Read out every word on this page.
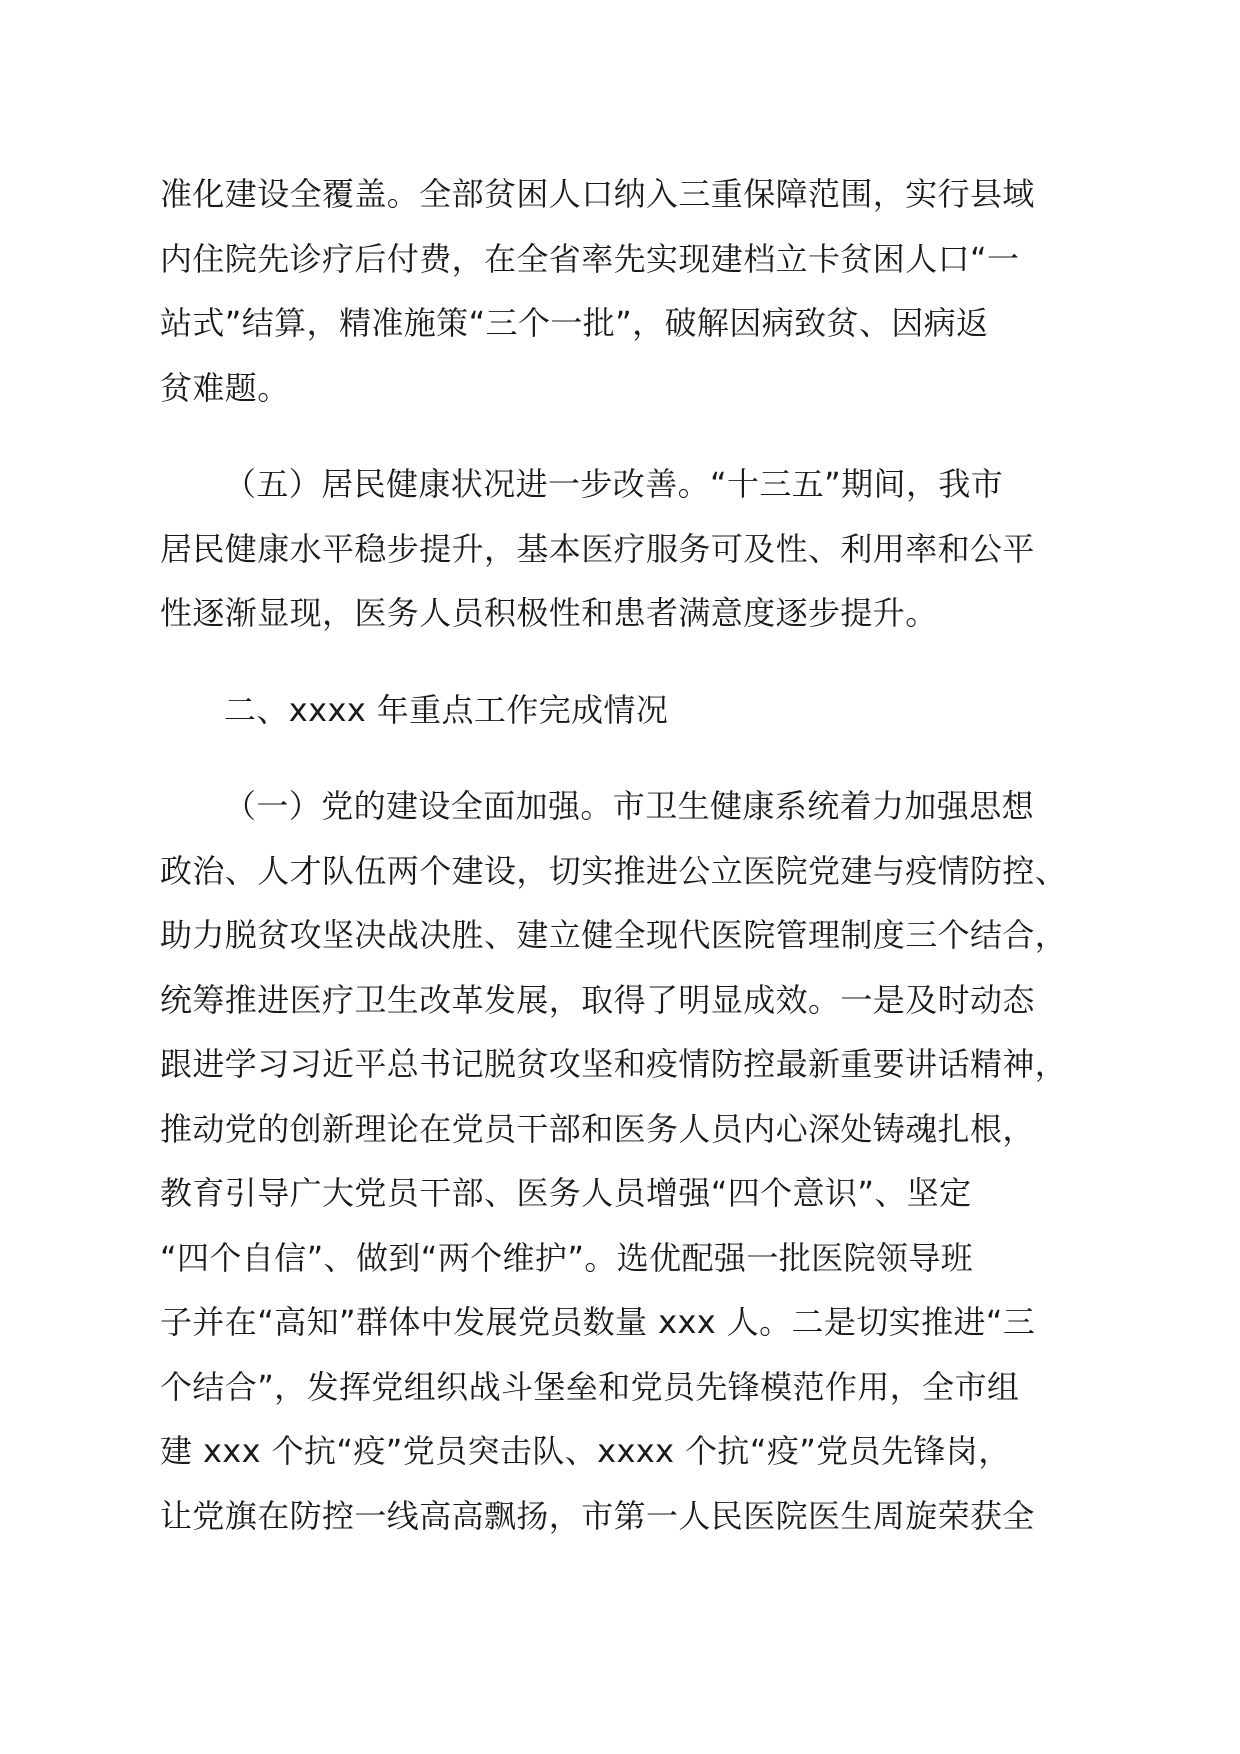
准化建设全覆盖。全部贫困人口纳入三重保障范围，实行县域
内住院先诊疗后付费，在全省率先实现建档立卡贫困人口“一
站式”结算，精准施策“三个一批”，破解因病致贫、因病返
贫难题。
（五）居民健康状况进一步改善。“十三五”期间，我市
居民健康水平稳步提升，基本医疗服务可及性、利用率和公平
性逐渐显现，医务人员积极性和患者满意度逐步提升。
二、xxxx 年重点工作完成情况
（一）党的建设全面加强。市卫生健康系统着力加强思想
政治、人才队伍两个建设，切实推进公立医院党建与疫情防控、
助力脱贫攻坚决战决胜、建立健全现代医院管理制度三个结合，
统筹推进医疗卫生改革发展，取得了明显成效。一是及时动态
跟进学习习近平总书记脱贫攻坚和疫情防控最新重要讲话精神，
推动党的创新理论在党员干部和医务人员内心深处铸魂扎根，
教育引导广大党员干部、医务人员增强“四个意识”、坚定
“四个自信”、做到“两个维护”。选优配强一批医院领导班
子并在“高知”群体中发展党员数量 xxx 人。二是切实推进“三
个结合”，发挥党组织战斗堡垒和党员先锋模范作用，全市组
建 xxx 个抗“疫”党员突击队、xxxx 个抗“疫”党员先锋岗，
让党旗在防控一线高高飘扬，市第一人民医院医生周旋荣获全
